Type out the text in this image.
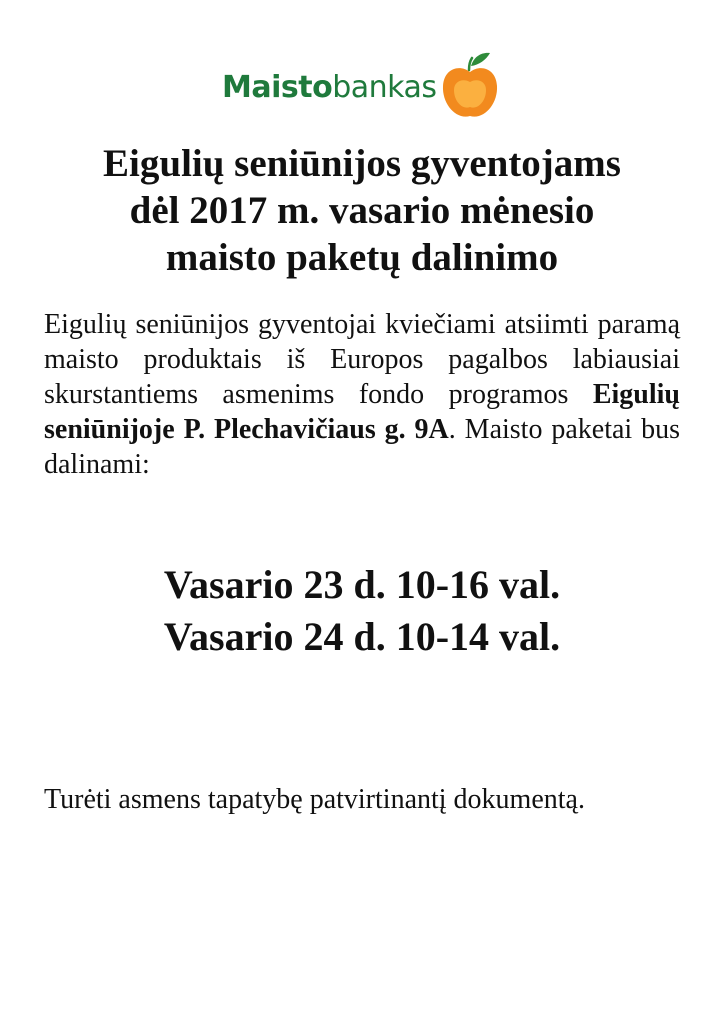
Maistobankas
Eigulių seniūnijos gyventojams
dėl 2017 m. vasario mėnesio
maisto paketų dalinimo
Eigulių seniūnijos gyventojai kviečiami atsiimti paramą maisto produktais iš Europos pagalbos labiausiai skurstantiems asmenims fondo programos Eigulių seniūnijoje P. Plechavičiaus g. 9A. Maisto paketai bus dalinami:
Vasario 23 d. 10-16 val.
Vasario 24 d. 10-14 val.
Turėti asmens tapatybę patvirtinantį dokumentą.
